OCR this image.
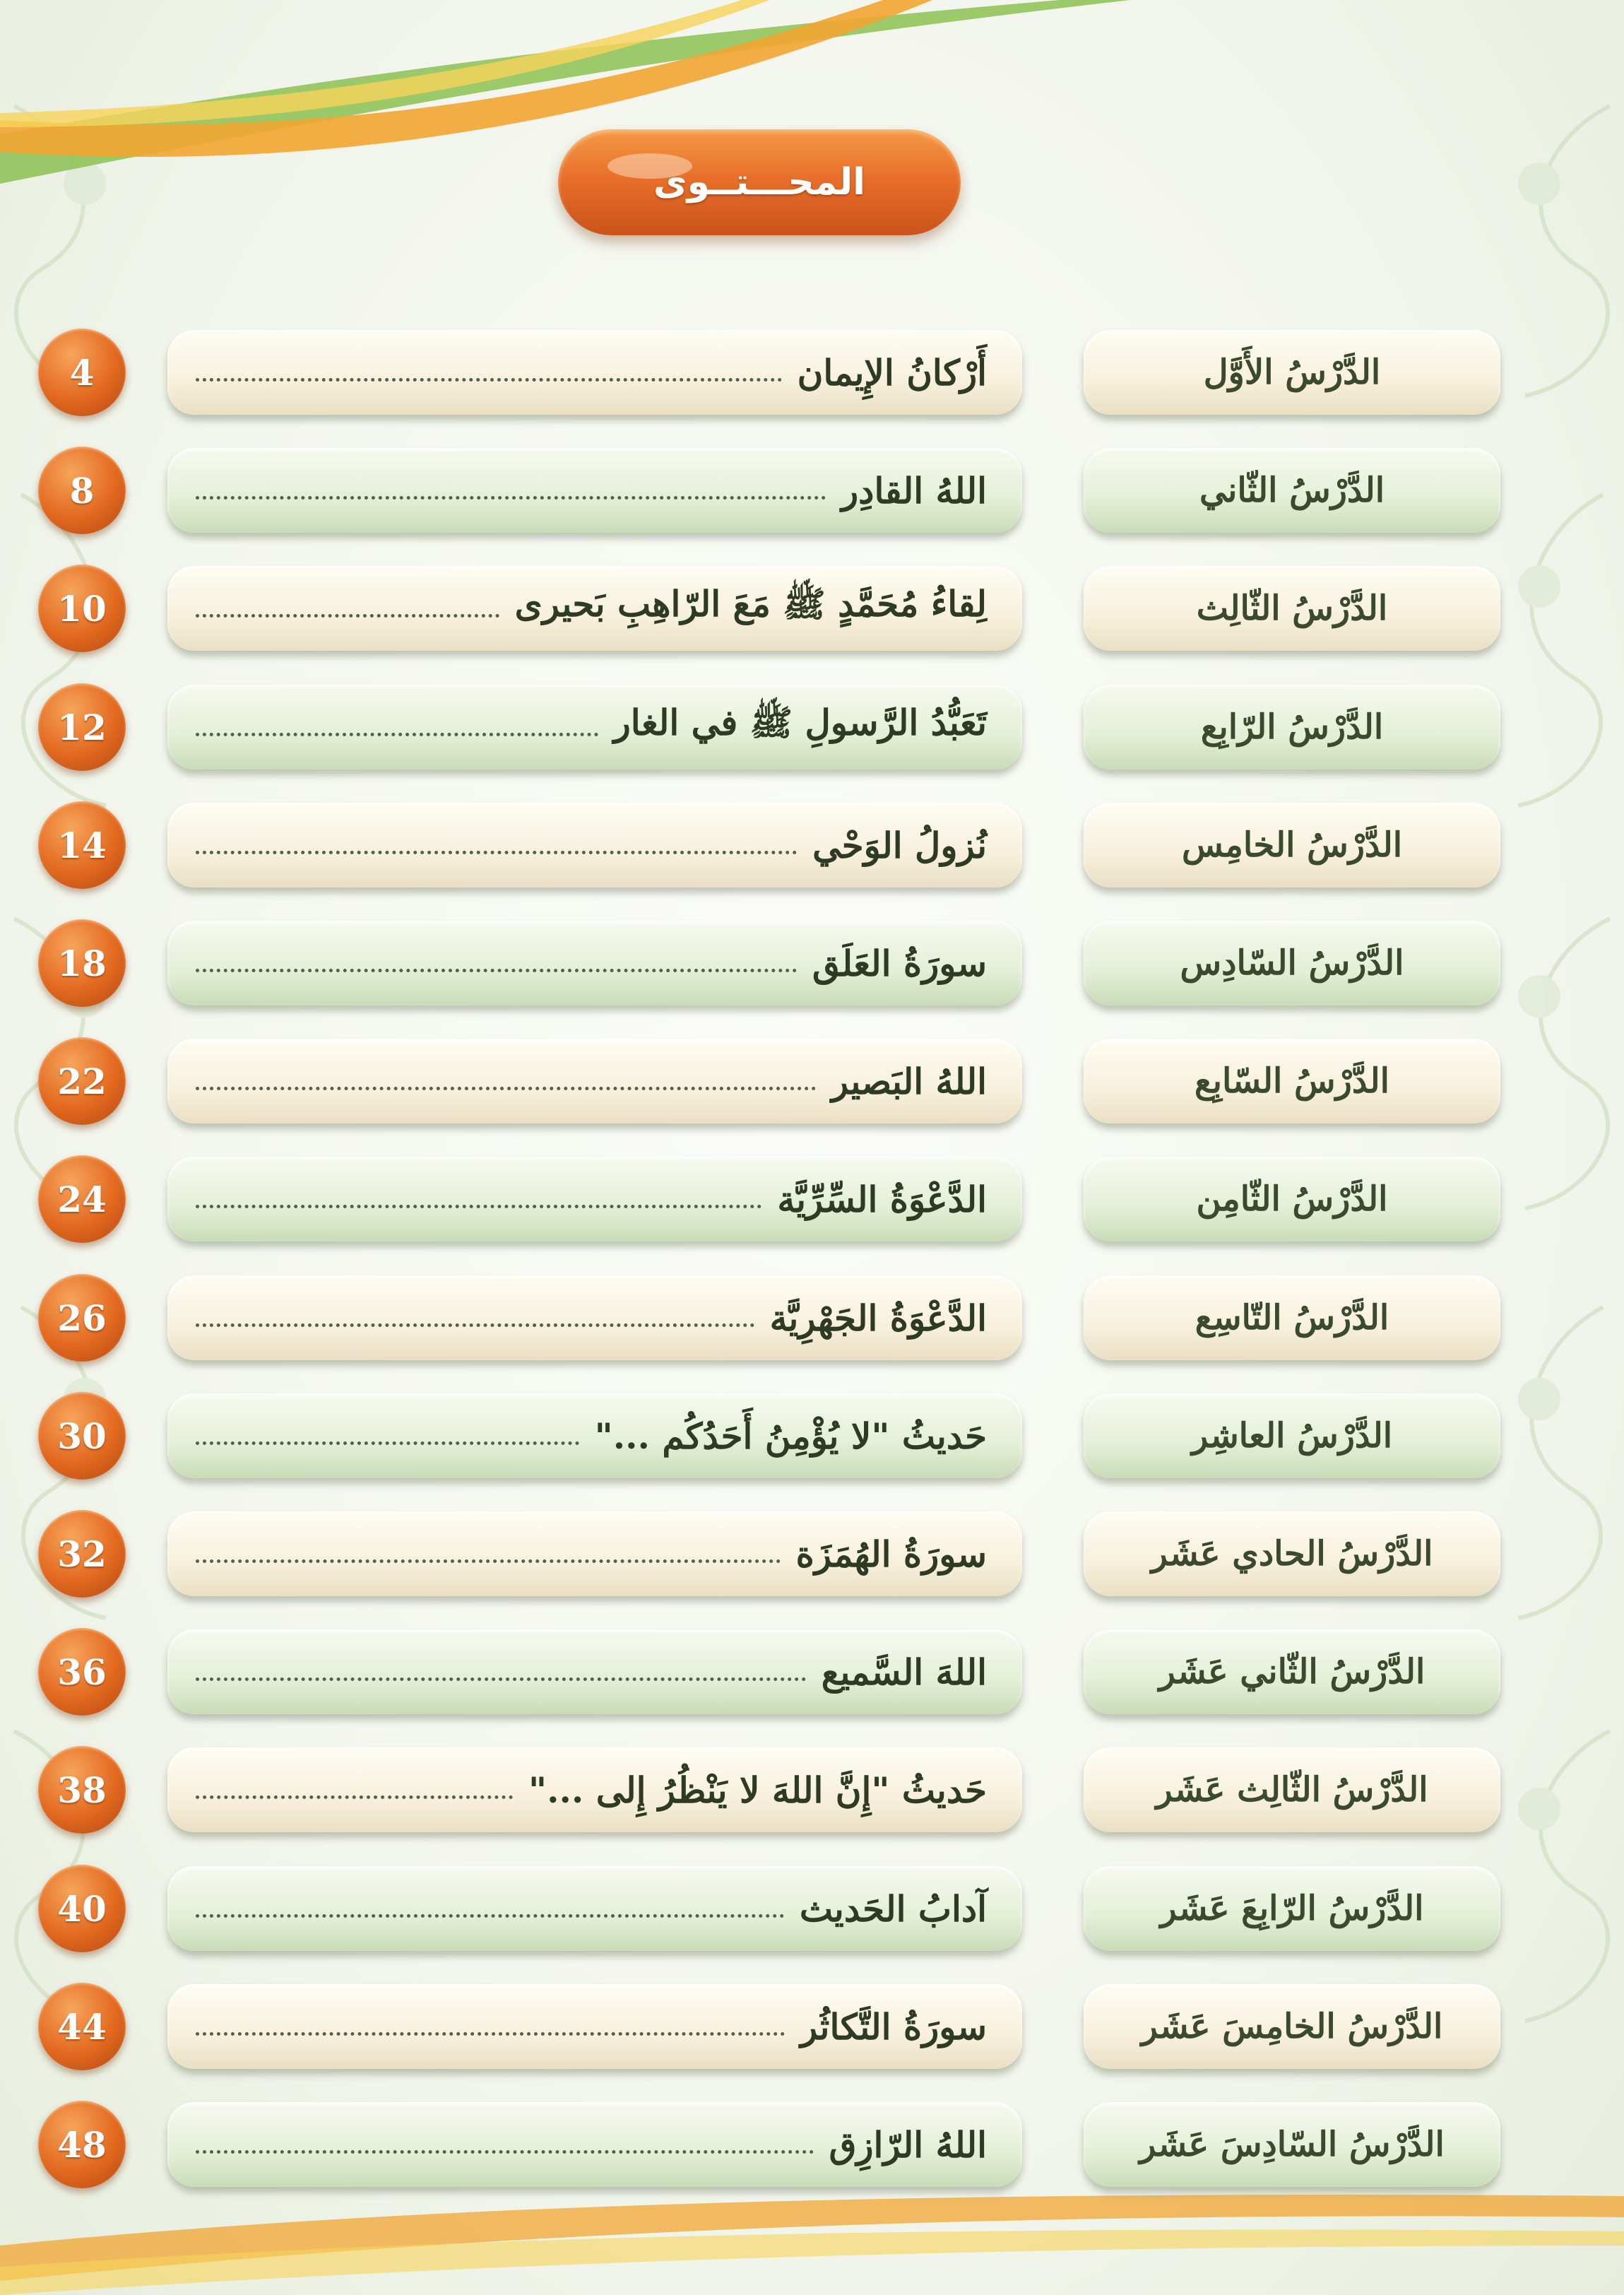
المحـــتــوى
الدَّرْسُ الأَوَّل
أَرْكانُ الإِيمان
4
الدَّرْسُ الثّاني
اللهُ القادِر
8
الدَّرْسُ الثّالِث
لِقاءُ مُحَمَّدٍ ﷺ مَعَ الرّاهِبِ بَحيرى
10
الدَّرْسُ الرّابِع
تَعَبُّدُ الرَّسولِ ﷺ في الغار
12
الدَّرْسُ الخامِس
نُزولُ الوَحْي
14
الدَّرْسُ السّادِس
سورَةُ العَلَق
18
الدَّرْسُ السّابِع
اللهُ البَصير
22
الدَّرْسُ الثّامِن
الدَّعْوَةُ السِّرِّيَّة
24
الدَّرْسُ التّاسِع
الدَّعْوَةُ الجَهْرِيَّة
26
الدَّرْسُ العاشِر
حَديثُ "لا يُؤْمِنُ أَحَدُكُم ..."
30
الدَّرْسُ الحادي عَشَر
سورَةُ الهُمَزَة
32
الدَّرْسُ الثّاني عَشَر
اللهَ السَّميع
36
الدَّرْسُ الثّالِث عَشَر
حَديثُ "إِنَّ اللهَ لا يَنْظُرُ إِلى ..."
38
الدَّرْسُ الرّابِعَ عَشَر
آدابُ الحَديث
40
الدَّرْسُ الخامِسَ عَشَر
سورَةُ التَّكاثُر
44
الدَّرْسُ السّادِسَ عَشَر
اللهُ الرّازِق
48
